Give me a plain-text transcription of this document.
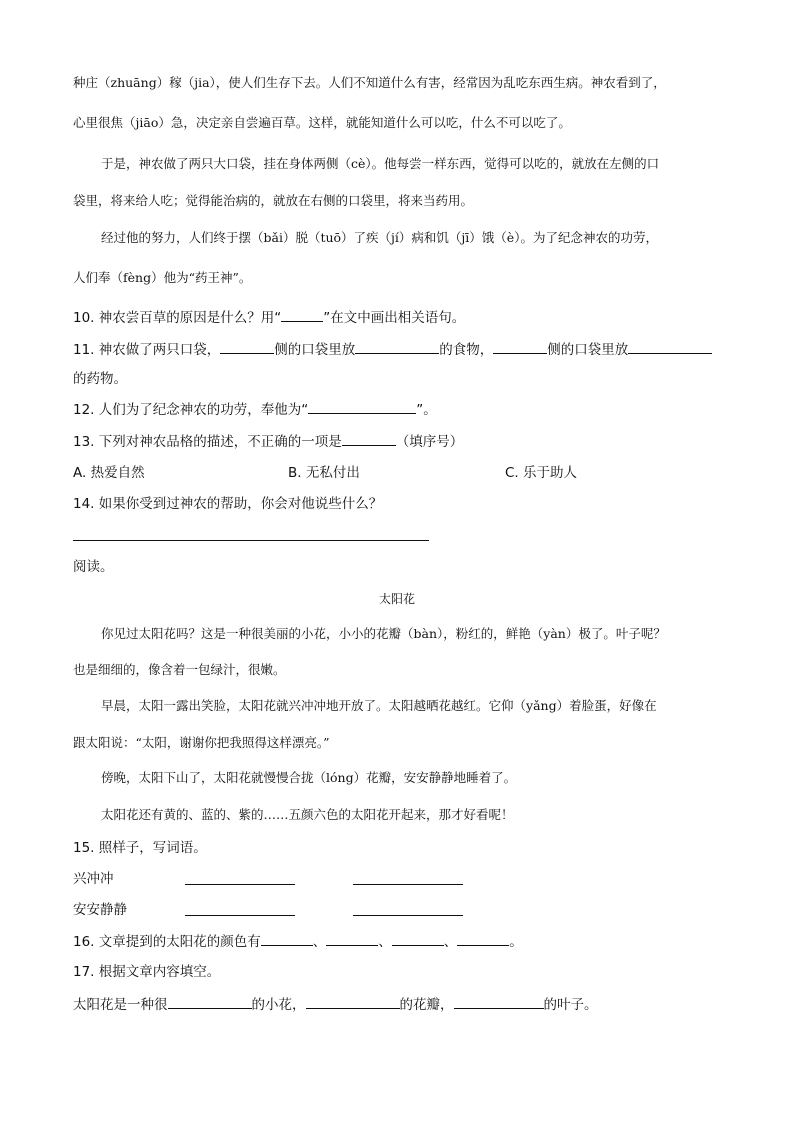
种庄（zhuāng）稼（jia），使人们生存下去。人们不知道什么有害，经常因为乱吃东西生病。神农看到了，
心里很焦（jiāo）急，决定亲自尝遍百草。这样，就能知道什么可以吃，什么不可以吃了。
于是，神农做了两只大口袋，挂在身体两侧（cè）。他每尝一样东西，觉得可以吃的，就放在左侧的口
袋里，将来给人吃；觉得能治病的，就放在右侧的口袋里，将来当药用。
经过他的努力，人们终于摆（bǎi）脱（tuō）了疾（jí）病和饥（jī）饿（è）。为了纪念神农的功劳，
人们奉（fèng）他为“药王神”。
10. 神农尝百草的原因是什么？用“	”在文中画出相关语句。
11. 神农做了两只口袋，	侧的口袋里放	的食物，	侧的口袋里放
的药物。
12. 人们为了纪念神农的功劳，奉他为“	”。
13. 下列对神农品格的描述，不正确的一项是	（填序号）
A. 热爱自然	B. 无私付出	C. 乐于助人
14. 如果你受到过神农的帮助，你会对他说些什么？
阅读。
太阳花
你见过太阳花吗？这是一种很美丽的小花，小小的花瓣（bàn），粉红的，鲜艳（yàn）极了。叶子呢？
也是细细的，像含着一包绿汁，很嫩。
早晨，太阳一露出笑脸，太阳花就兴冲冲地开放了。太阳越晒花越红。它仰（yǎng）着脸蛋，好像在
跟太阳说：“太阳，谢谢你把我照得这样漂亮。”
傍晚，太阳下山了，太阳花就慢慢合拢（lóng）花瓣，安安静静地睡着了。
太阳花还有黄的、蓝的、紫的……五颜六色的太阳花开起来，那才好看呢！
15. 照样子，写词语。
兴冲冲
安安静静
16. 文章提到的太阳花的颜色有	、	、	、	。
17. 根据文章内容填空。
太阳花是一种很	的小花，	的花瓣，	的叶子。
